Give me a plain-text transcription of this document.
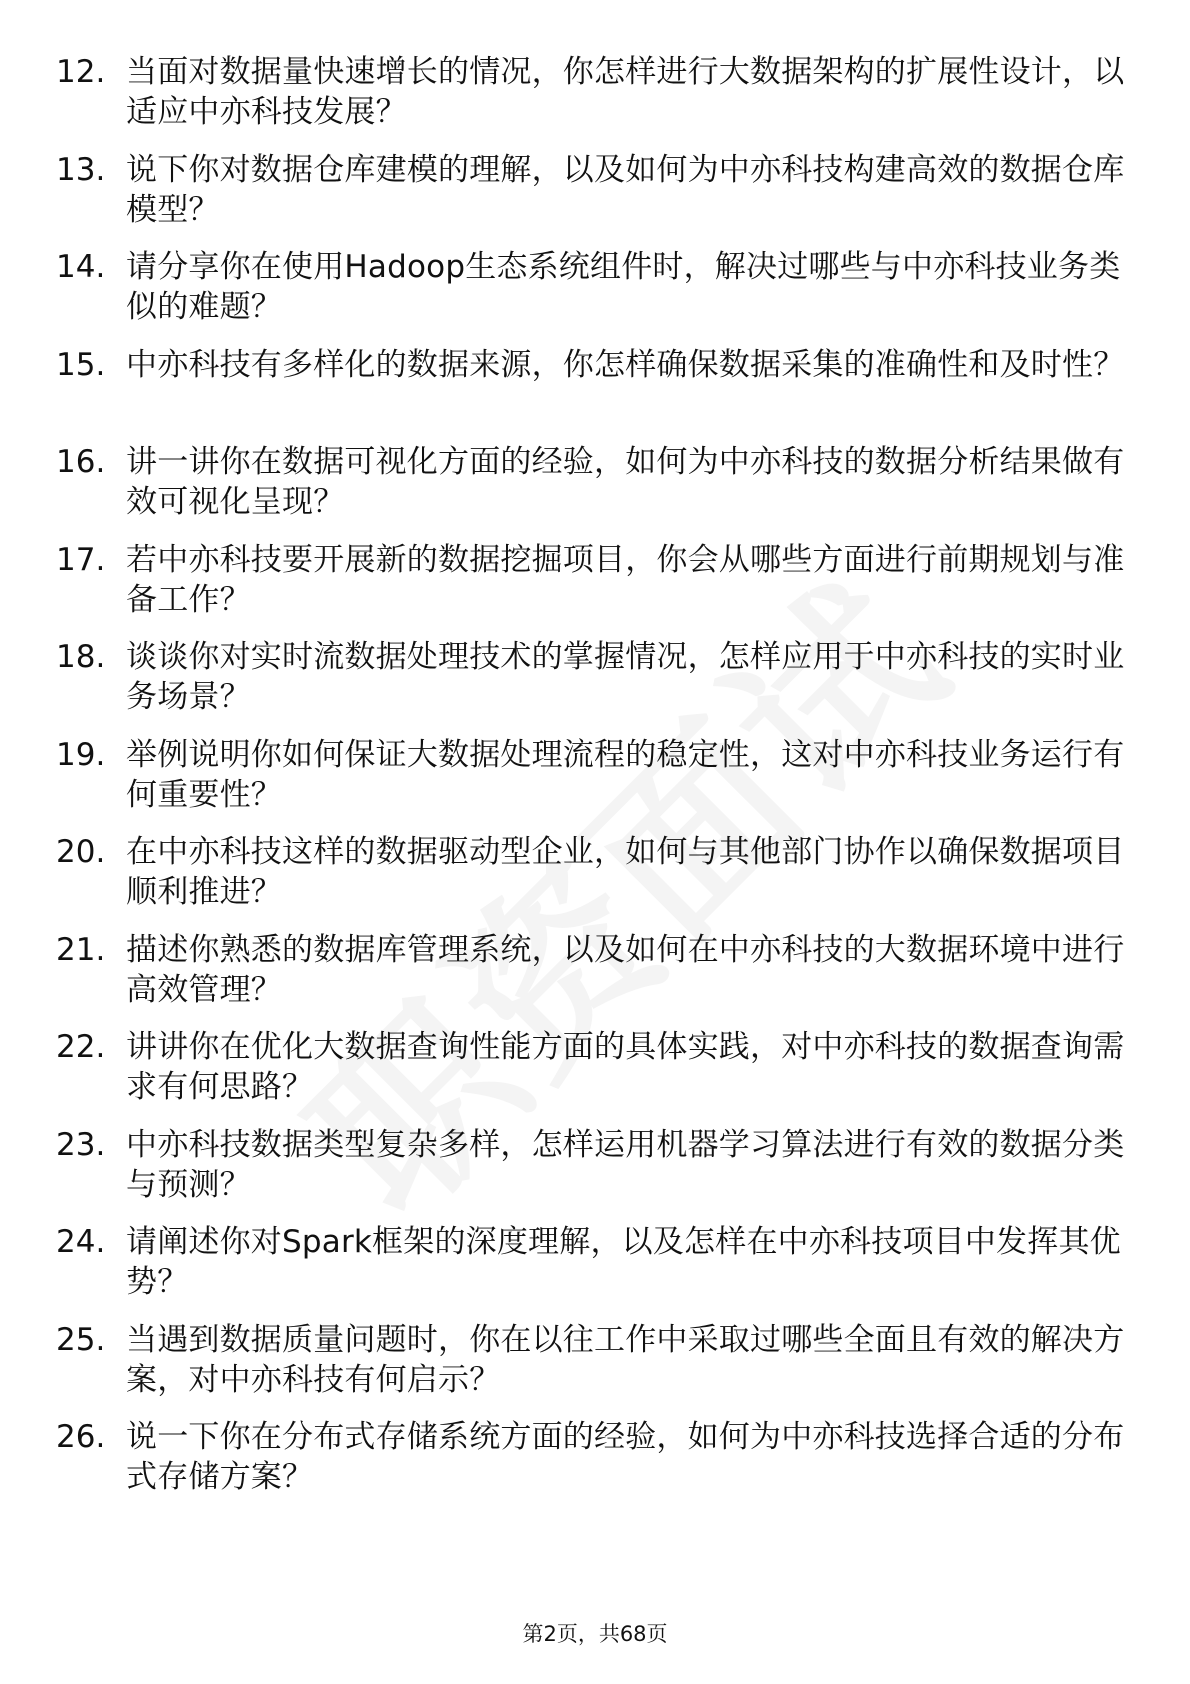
12. 当面对数据量快速增长的情况，你怎样进行大数据架构的扩展性设计，以适应中亦科技发展？
13. 说下你对数据仓库建模的理解，以及如何为中亦科技构建高效的数据仓库模型？
14. 请分享你在使用Hadoop生态系统组件时，解决过哪些与中亦科技业务类似的难题？
15. 中亦科技有多样化的数据来源，你怎样确保数据采集的准确性和及时性？
16. 讲一讲你在数据可视化方面的经验，如何为中亦科技的数据分析结果做有效可视化呈现？
17. 若中亦科技要开展新的数据挖掘项目，你会从哪些方面进行前期规划与准备工作？
18. 谈谈你对实时流数据处理技术的掌握情况，怎样应用于中亦科技的实时业务场景？
19. 举例说明你如何保证大数据处理流程的稳定性，这对中亦科技业务运行有何重要性？
20. 在中亦科技这样的数据驱动型企业，如何与其他部门协作以确保数据项目顺利推进？
21. 描述你熟悉的数据库管理系统，以及如何在中亦科技的大数据环境中进行高效管理？
22. 讲讲你在优化大数据查询性能方面的具体实践，对中亦科技的数据查询需求有何思路？
23. 中亦科技数据类型复杂多样，怎样运用机器学习算法进行有效的数据分类与预测？
24. 请阐述你对Spark框架的深度理解，以及怎样在中亦科技项目中发挥其优势？
25. 当遇到数据质量问题时，你在以往工作中采取过哪些全面且有效的解决方案，对中亦科技有何启示？
26. 说一下你在分布式存储系统方面的经验，如何为中亦科技选择合适的分布式存储方案？
第2页，共68页
